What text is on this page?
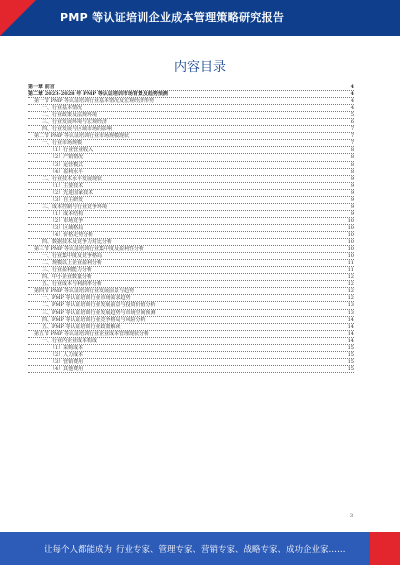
PMP 等认证培训企业成本管理策略研究报告
内容目录
第一章 前言	4
第二章 2023-2028 年 PMP 等认证培训市场背景及趋势预测	4
第一节 PMP 等认证培训行业基本情况及宏观经济形势	4
一、行业基本情况	4
二、行业政策及法规环境	5
三、行业发展环境与宏观经济	6
四、行业发展与区域市场的影响	7
第二节 PMP 等认证培训行业市场规模现状	7
一、行业市场规模	7
（1）行业营业收入	8
（2）产销情况	8
（3）运营模式	8
（4）盈利水平	8
二、行业技术水平发展现状	9
（1）主要技术	9
（2）先进国家技术	9
（3）自主研发	9
三、成本控制与行业竞争环境	9
（1）成本结构	9
（2）市场竞争	10
（3）区域格局	10
（4）价格走势分析	10
四、数据技术及竞争力对比分析	10
第三节 PMP 等认证培训行业集中度及盈利性分析	10
一、行业集中度及竞争格局	10
二、规模以上企业盈利分析	11
三、行业盈利能力分析	11
四、中小企业数量分析	12
五、行业成本与利润率分析	12
第四节 PMP 等认证培训行业发展前景与趋势	12
一、PMP 等认证培训行业市场需求趋势	12
二、PMP 等认证培训行业发展前景与投资价值分析	13
三、PMP 等认证培训行业发展趋势与市场空间预测	13
四、PMP 等认证培训行业竞争格局与风险分析	14
五、PMP 等认证培训行业政策解读	14
第五节 PMP 等认证培训行业企业成本管理现状分析	14
一、行业内企业成本构成	14
（1）采购成本	15
（2）人力成本	15
（3）营销费用	15
（4）其他费用	15
3
让每个人都能成为 行业专家、管理专家、营销专家、战略专家、成功企业家……
